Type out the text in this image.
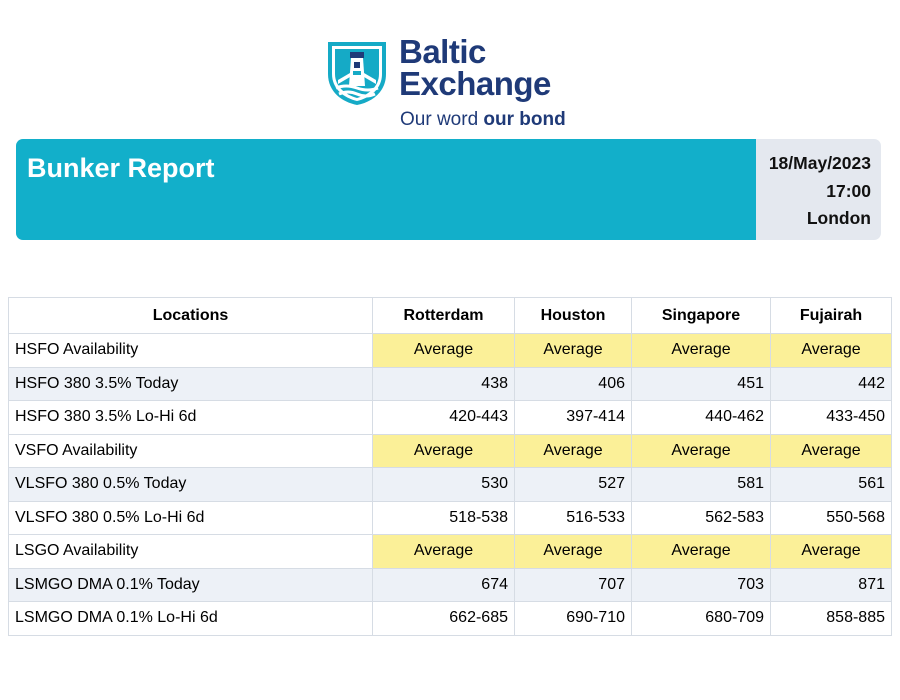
Baltic
Exchange
Our word our bond
Bunker Report	18/May/2023
17:00
London
Locations	Rotterdam	Houston	Singapore	Fujairah
HSFO Availability	Average	Average	Average	Average
HSFO 380 3.5% Today	438	406	451	442
HSFO 380 3.5% Lo-Hi 6d	420-443	397-414	440-462	433-450
VSFO Availability	Average	Average	Average	Average
VLSFO 380 0.5% Today	530	527	581	561
VLSFO 380 0.5% Lo-Hi 6d	518-538	516-533	562-583	550-568
LSGO Availability	Average	Average	Average	Average
LSMGO DMA 0.1% Today	674	707	703	871
LSMGO DMA 0.1% Lo-Hi 6d	662-685	690-710	680-709	858-885
